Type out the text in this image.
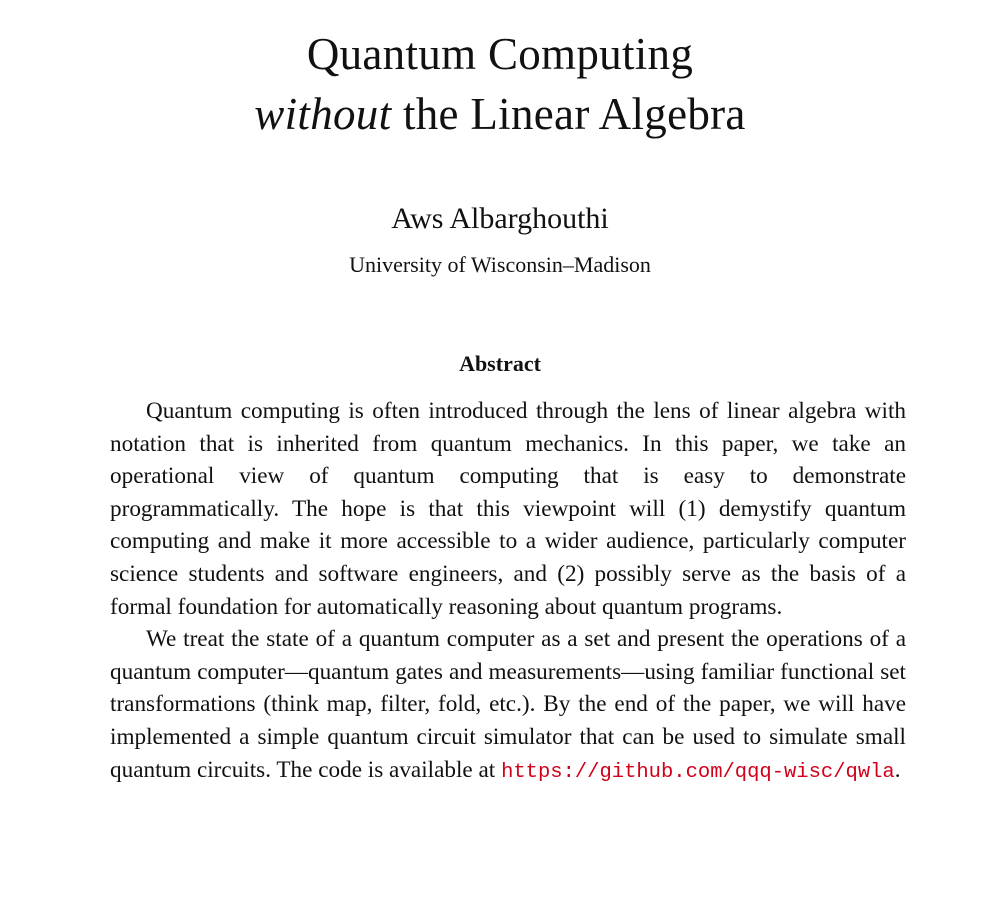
Quantum Computing
without the Linear Algebra
Aws Albarghouthi
University of Wisconsin–Madison
Abstract

Quantum computing is often introduced through the lens of linear algebra with notation that is inherited from quantum mechanics. In this paper, we take an operational view of quantum computing that is easy to demonstrate programmatically. The hope is that this viewpoint will (1) demystify quantum computing and make it more accessible to a wider audience, particularly computer science students and software engineers, and (2) possibly serve as the basis of a formal foundation for automatically reasoning about quantum programs.

We treat the state of a quantum computer as a set and present the operations of a quantum computer—quantum gates and measurements—using familiar functional set transformations (think map, filter, fold, etc.). By the end of the paper, we will have implemented a simple quantum circuit simulator that can be used to simulate small quantum circuits. The code is available at https://github.com/qqq-wisc/qwla.
